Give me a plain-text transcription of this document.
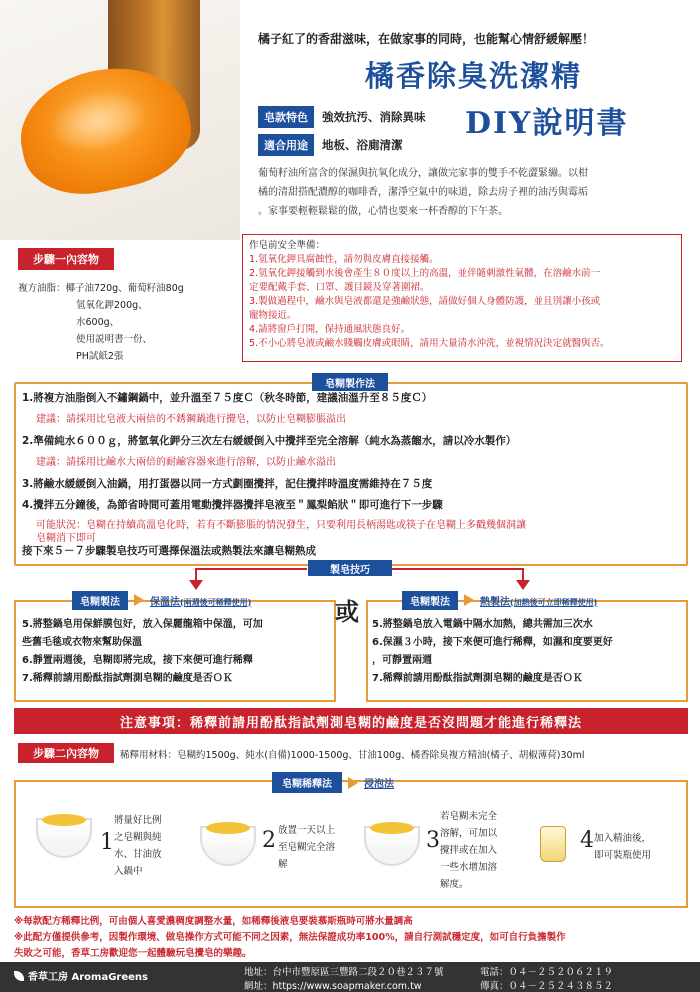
橘子紅了的香甜滋味，在做家事的同時，也能幫心情舒緩解壓！
橘香除臭洗潔精
DIY說明書
皂款特色	強效抗汚、消除異味
適合用途	地板、浴廁清潔
葡萄籽油所富含的保濕與抗氧化成分，讓做完家事的雙手不乾澀緊繃。以柑
橘的清甜搭配濃醇的咖啡香，潔淨空氣中的味道，除去房子裡的油汚與霉垢
。家事要輕輕鬆鬆的做，心情也要來一杯香醇的下午茶。
步驟一內容物
複方油脂：椰子油720g、葡萄籽油80g
氫氧化鉀200g、
水600g、
使用説明書一份、
PH試紙2張
作皂前安全準備：
1.氫氧化鉀具腐蝕性，請勿與皮膚直接接觸。
2.氫氧化鉀接觸到水後會產生８０度以上的高溫，並伴隨刺激性氣體，在溶鹼水前一
定要配戴手套、口罩、護目鏡及穿著圍裙。
3.製做過程中，鹼水與皂液都還是強鹼狀態，請做好個人身體防護，並且別讓小孩或
寵物接近。
4.請將窗戶打開，保持通風狀態良好。
5.不小心將皂液或鹼水賤觸皮膚或眼睛，請用大量清水沖洗，並視情況決定就醫與否。
皂糊製作法
1.將複方油脂倒入不鏽鋼鍋中，並升溫至７５度Ｃ（秋冬時節，建議油溫升至８５度Ｃ）
建議：請採用比皂液大兩倍的不銹鋼鍋進行攪皂，以防止皂糊膨脹溢出
2.準備純水６００ｇ，將氫氧化鉀分三次左右緩緩倒入中攪拌至完全溶解（純水為蒸餾水，請以冷水製作）
建議：請採用比鹼水大兩倍的耐鹼容器來進行溶解，以防止鹼水溢出
3.將鹼水緩緩倒入油鍋，用打蛋器以同一方式劃圈攪拌，記住攪拌時溫度需維持在７５度
4.攪拌五分鐘後，為節省時間可蓋用電動攪拌器攪拌皂液至＂鳳梨餡狀＂即可進行下一步驟
可能狀況：皂糊在持續高溫皂化時，若有不斷膨脹的情況發生，只要利用長柄湯匙或筷子在皂糊上多戳幾個洞讓
皂糊消下即可
接下來５－７步驟製皂技巧可選擇保溫法或熱製法來讓皂糊熟成
製皂技巧
皂糊製法	保溫法(兩週後可稀釋使用)
5.將整鍋皂用保鮮膜包好，放入保麗龍箱中保溫，可加
些舊毛毯或衣物來幫助保溫
6.靜置兩週後，皂糊即將完成，接下來便可進行稀釋
7.稀釋前請用酚酞指試劑測皂糊的鹼度是否ＯＫ
或	皂糊製法	熱製法(加熱後可立即稀釋使用)
5.將整鍋皂放入電鍋中隔水加熱，總共需加三次水
6.保濕３小時，接下來便可進行稀釋，如濕和度要更好
，可靜置兩週
7.稀釋前請用酚酞指試劑測皂糊的鹼度是否ＯＫ
注意事項：稀釋前請用酚酞指試劑測皂糊的鹼度是否沒問題才能進行稀釋法
步驟二內容物	稀釋用材料：皂糊約1500g、純水(自備)1000-1500g、甘油100g、橘香除臭複方精油(橘子、胡椒薄荷)30ml
皂糊稀釋法	浸泡法
1
將量好比例
之皂糊與純
水、甘油放
入鍋中
2 放置一天以上
至皂糊完全溶
解
3
若皂糊未完全
溶解，可加以
攪拌或在加入
一些水增加溶
解度。
4 加入精油後，
即可裝瓶使用
※每款配方稀釋比例，可由個人喜愛濃稠度調整水量，如稀釋後液皂要裝慕斯瓶時可將水量調高
※此配方僅提供參考，因製作環境、做皂操作方式可能不同之因素，無法保證成功率100%，請自行測試穩定度，如可自行負擔製作
失敗之可能，香草工房歡迎您一起體驗玩皂攪皂的樂趣。
香草工房 AromaGreens	地址：台中市豐原區三豐路二段２０巷２３７號
網址：https://www.soapmaker.com.tw
電話：０４－２５２０６２１９
傳真：０４－２５２４３８５２
